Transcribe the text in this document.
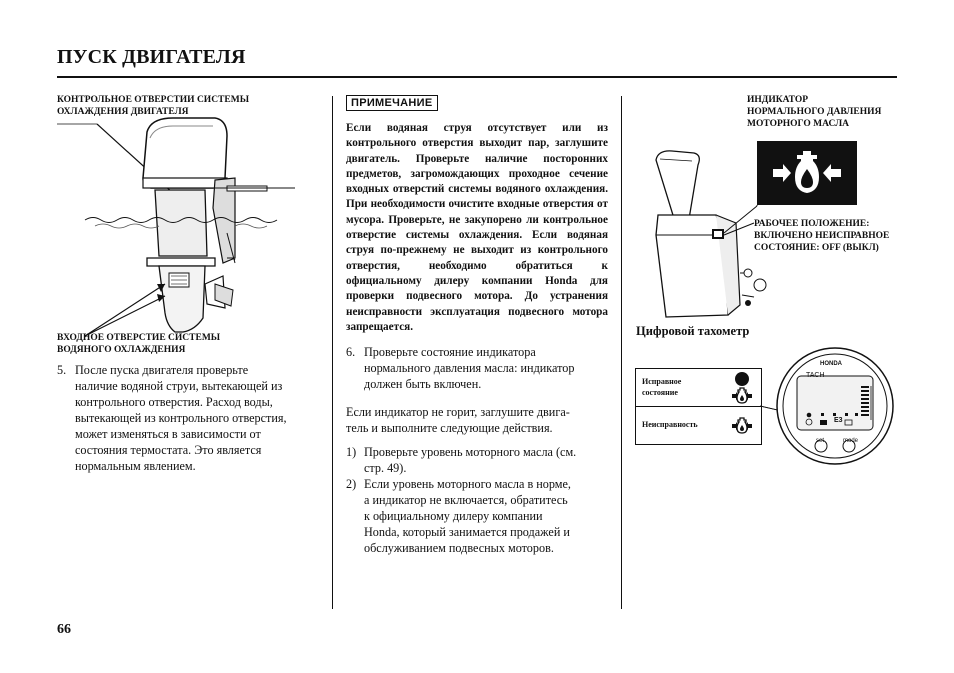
ПУСК ДВИГАТЕЛЯ
КОНТРОЛЬНОЕ ОТВЕРСТИИ СИСТЕМЫ
ОХЛАЖДЕНИЯ ДВИГАТЕЛЯ
ВХОДНОЕ ОТВЕРСТИЕ СИСТЕМЫ
ВОДЯНОГО ОХЛАЖДЕНИЯ
5. После пуска двигателя проверьте
наличие водяной струи, вытекающей из
контрольного отверстия. Расход воды,
вытекающей из контрольного отверстия,
может изменяться в зависимости от
состояния термостата. Это является
нормальным явлением.
ПРИМЕЧАНИЕ
Если водяная струя отсутствует или из контрольного отверстия выходит пар, заглушите двигатель. Проверьте наличие посторонних предметов, загромождающих проходное сечение входных отверстий системы водяного охлаждения. При необходимости очистите входные отверстия от мусора. Проверьте, не закупорено ли контрольное отверстие системы охлаждения. Если водяная струя по-прежнему не выходит из контрольного отверстия, необходимо обратиться к официальному дилеру компании Honda для проверки подвесного мотора. До устранения неисправности эксплуатация подвесного мотора запрещается.
6. Проверьте состояние индикатора
нормального давления масла: индикатор
должен быть включен.
Если индикатор не горит, заглушите двига-
тель и выполните следующие действия.
1) Проверьте уровень моторного масла (см.
стр. 49).
2) Если уровень моторного масла в норме,
а индикатор не включается, обратитесь
к официальному дилеру компании
Honda, который занимается продажей и
обслуживанием подвесных моторов.
ИНДИКАТОР
НОРМАЛЬНОГО ДАВЛЕНИЯ
МОТОРНОГО МАСЛА
РАБОЧЕЕ ПОЛОЖЕНИЕ:
ВКЛЮЧЕНО НЕИСПРАВНОЕ
СОСТОЯНИЕ: OFF (ВЫКЛ)
Цифровой тахометр
Исправное
состояние
Неисправность
HONDA
TACH
E3
set	mode
66
